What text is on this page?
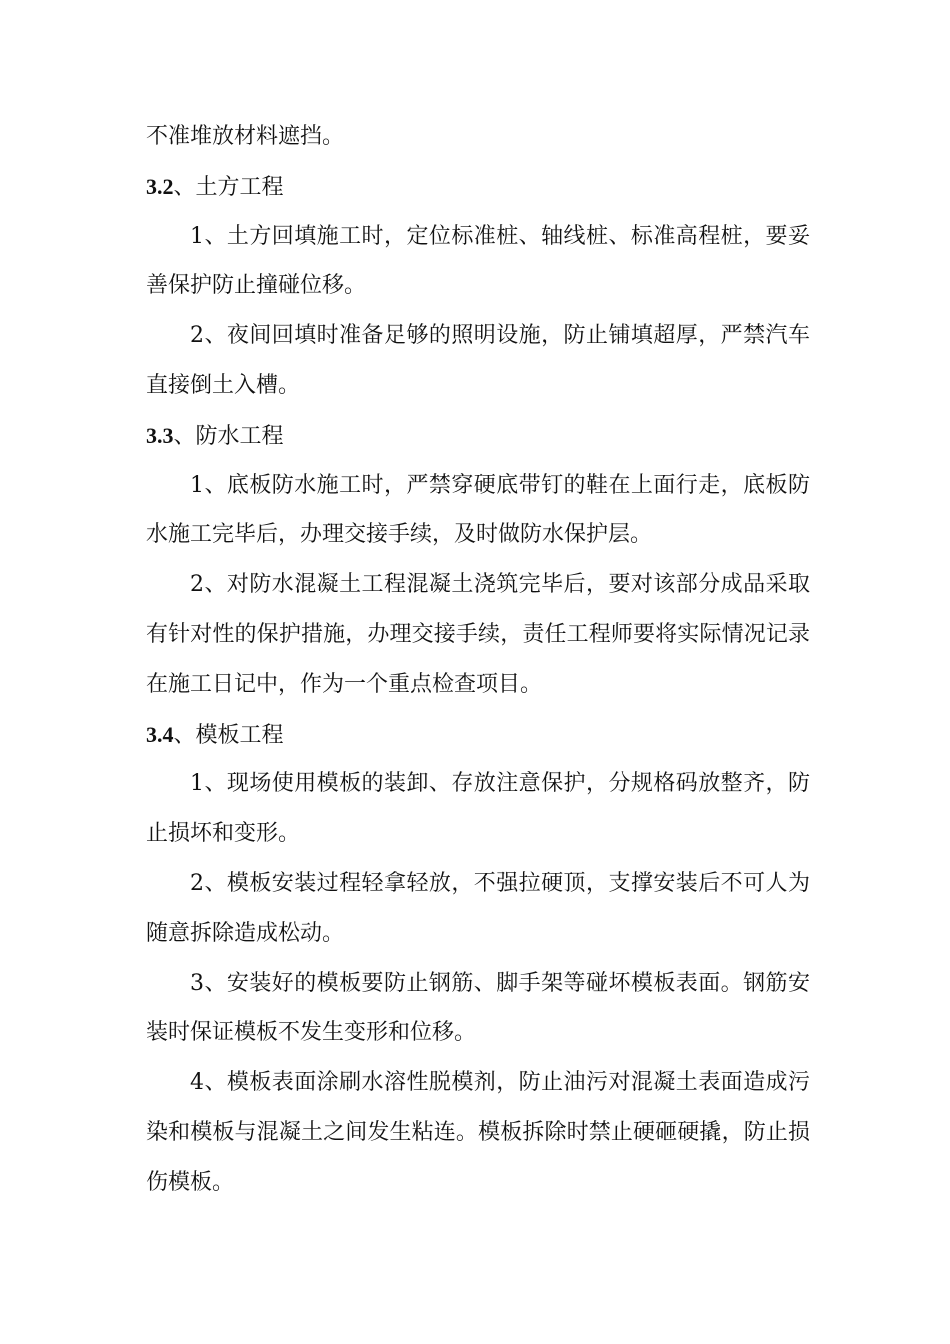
不准堆放材料遮挡。
3.2、土方工程
1、土方回填施工时，定位标准桩、轴线桩、标准高程桩，要妥
善保护防止撞碰位移。
2、夜间回填时准备足够的照明设施，防止铺填超厚，严禁汽车
直接倒土入槽。
3.3、防水工程
1、底板防水施工时，严禁穿硬底带钉的鞋在上面行走，底板防
水施工完毕后，办理交接手续，及时做防水保护层。
2、对防水混凝土工程混凝土浇筑完毕后，要对该部分成品采取
有针对性的保护措施，办理交接手续，责任工程师要将实际情况记录
在施工日记中，作为一个重点检查项目。
3.4、模板工程
1、现场使用模板的装卸、存放注意保护，分规格码放整齐，防
止损坏和变形。
2、模板安装过程轻拿轻放，不强拉硬顶，支撑安装后不可人为
随意拆除造成松动。
3、安装好的模板要防止钢筋、脚手架等碰坏模板表面。钢筋安
装时保证模板不发生变形和位移。
4、模板表面涂刷水溶性脱模剂，防止油污对混凝土表面造成污
染和模板与混凝土之间发生粘连。模板拆除时禁止硬砸硬撬，防止损
伤模板。
